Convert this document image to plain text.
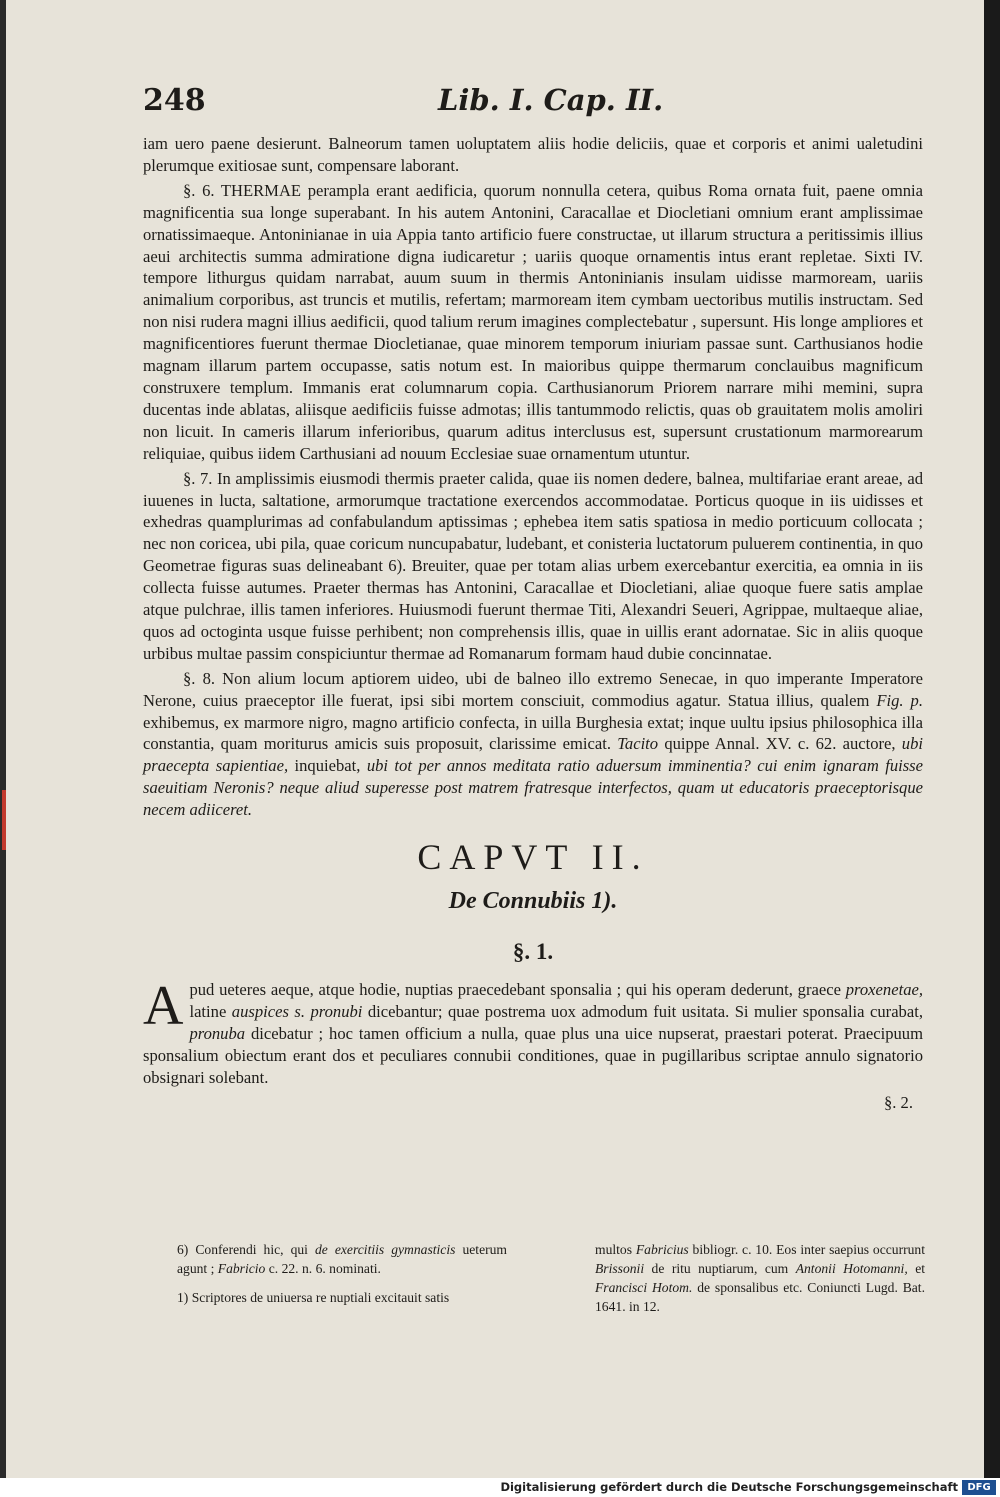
248	Lib. I. Cap. II.

iam uero paene desierunt. Balneorum tamen uoluptatem aliis hodie deliciis, quae et corporis et animi ualetudini plerumque exitiosae sunt, compensare laborant.

§. 6. THERMAE perampla erant aedificia, quorum nonnulla cetera, quibus Roma ornata fuit, paene omnia magnificentia sua longe superabant. In his autem Antonini, Caracallae et Diocletiani omnium erant amplissimae ornatissimaeque. Antoninianae in uia Appia tanto artificio fuere constructae, ut illarum structura a peritissimis illius aeui architectis summa admiratione digna iudicaretur ; uariis quoque ornamentis intus erant repletae. Sixti IV. tempore lithurgus quidam narrabat, auum suum in thermis Antoninianis insulam uidisse marmoream, uariis animalium corporibus, ast truncis et mutilis, refertam; marmoream item cymbam uectoribus mutilis instructam. Sed non nisi rudera magni illius aedificii, quod talium rerum imagines complectebatur , supersunt. His longe ampliores et magnificentiores fuerunt thermae Diocletianae, quae minorem temporum iniuriam passae sunt. Carthusianos hodie magnam illarum partem occupasse, satis notum est. In maioribus quippe thermarum conclauibus magnificum construxere templum. Immanis erat columnarum copia. Carthusianorum Priorem narrare mihi memini, supra ducentas inde ablatas, aliisque aedificiis fuisse admotas; illis tantummodo relictis, quas ob grauitatem molis amoliri non licuit. In cameris illarum inferioribus, quarum aditus interclusus est, supersunt crustationum marmorearum reliquiae, quibus iidem Carthusiani ad nouum Ecclesiae suae ornamentum utuntur.

§. 7. In amplissimis eiusmodi thermis praeter calida, quae iis nomen dedere, balnea, multifariae erant areae, ad iuuenes in lucta, saltatione, armorumque tractatione exercendos accommodatae. Porticus quoque in iis uidisses et exhedras quamplurimas ad confabulandum aptissimas ; ephebea item satis spatiosa in medio porticuum collocata ; nec non coricea, ubi pila, quae coricum nuncupabatur, ludebant, et conisteria luctatorum puluerem continentia, in quo Geometrae figuras suas delineabant 6). Breuiter, quae per totam alias urbem exercebantur exercitia, ea omnia in iis collecta fuisse autumes. Praeter thermas has Antonini, Caracallae et Diocletiani, aliae quoque fuere satis amplae atque pulchrae, illis tamen inferiores. Huiusmodi fuerunt thermae Titi, Alexandri Seueri, Agrippae, multaeque aliae, quos ad octoginta usque fuisse perhibent; non comprehensis illis, quae in uillis erant adornatae. Sic in aliis quoque urbibus multae passim conspiciuntur thermae ad Romanarum formam haud dubie concinnatae.

§. 8. Non alium locum aptiorem uideo, ubi de balneo illo extremo Senecae, in quo imperante Imperatore Nerone, cuius praeceptor ille fuerat, ipsi sibi mortem consciuit, commodius agatur. Statua illius, qualem Fig. p. exhibemus, ex marmore nigro, magno artificio confecta, in uilla Burghesia extat; inque uultu ipsius philosophica illa constantia, quam moriturus amicis suis proposuit, clarissime emicat. Tacito quippe Annal. XV. c. 62. auctore, ubi praecepta sapientiae, inquiebat, ubi tot per annos meditata ratio aduersum imminentia? cui enim ignaram fuisse saeuitiam Neronis? neque aliud superesse post matrem fratresque interfectos, quam ut educatoris praeceptorisque necem adiiceret.

CAPVT II.
De Connubiis 1).
§. 1.

Apud ueteres aeque, atque hodie, nuptias praecedebant sponsalia ; qui his operam dederunt, graece proxenetae, latine auspices s. pronubi dicebantur; quae postrema uox admodum fuit usitata. Si mulier sponsalia curabat, pronuba dicebatur ; hoc tamen officium a nulla, quae plus una uice nupserat, praestari poterat. Praecipuum sponsalium obiectum erant dos et peculiares connubii conditiones, quae in pugillaribus scriptae annulo signatorio obsignari solebant.

§. 2.

6) Conferendi hic, qui de exercitiis gymnasticis ueterum agunt ; Fabricio c. 22. n. 6. nominati.

1) Scriptores de uniuersa re nuptiali excitauit satis

multos Fabricius bibliogr. c. 10. Eos inter saepius occurrunt Brissonii de ritu nuptiarum, cum Antonii Hotomanni, et Francisci Hotom. de sponsalibus etc. Coniuncti Lugd. Bat. 1641. in 12.

Digitalisierung gefördert durch die Deutsche Forschungsgemeinschaft DFG
